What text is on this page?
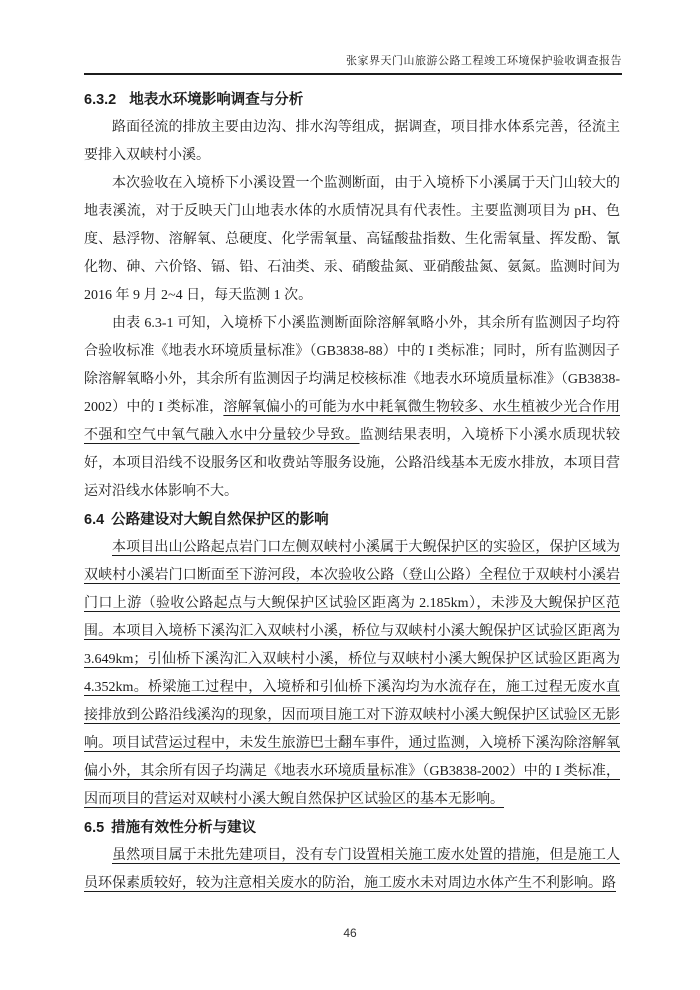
张家界天门山旅游公路工程竣工环境保护验收调查报告

6.3.2 地表水环境影响调查与分析

路面径流的排放主要由边沟、排水沟等组成，据调查，项目排水体系完善，径流主要排入双峡村小溪。

本次验收在入境桥下小溪设置一个监测断面，由于入境桥下小溪属于天门山较大的地表溪流，对于反映天门山地表水体的水质情况具有代表性。主要监测项目为 pH、色度、悬浮物、溶解氧、总硬度、化学需氧量、高锰酸盐指数、生化需氧量、挥发酚、氰化物、砷、六价铬、镉、铅、石油类、汞、硝酸盐氮、亚硝酸盐氮、氨氮。监测时间为 2016 年 9 月 2~4 日，每天监测 1 次。

由表 6.3-1 可知，入境桥下小溪监测断面除溶解氧略小外，其余所有监测因子均符合验收标准《地表水环境质量标准》（GB3838-88）中的 I 类标准；同时，所有监测因子除溶解氧略小外，其余所有监测因子均满足校核标准《地表水环境质量标准》（GB3838-2002）中的 I 类标准，溶解氧偏小的可能为水中耗氧微生物较多、水生植被少光合作用不强和空气中氧气融入水中分量较少导致。监测结果表明，入境桥下小溪水质现状较好，本项目沿线不设服务区和收费站等服务设施，公路沿线基本无废水排放，本项目营运对沿线水体影响不大。

6.4 公路建设对大鲵自然保护区的影响

本项目出山公路起点岩门口左侧双峡村小溪属于大鲵保护区的实验区，保护区域为双峡村小溪岩门口断面至下游河段，本次验收公路（登山公路）全程位于双峡村小溪岩门口上游（验收公路起点与大鲵保护区试验区距离为 2.185km），未涉及大鲵保护区范围。本项目入境桥下溪沟汇入双峡村小溪，桥位与双峡村小溪大鲵保护区试验区距离为 3.649km；引仙桥下溪沟汇入双峡村小溪，桥位与双峡村小溪大鲵保护区试验区距离为 4.352km。桥梁施工过程中，入境桥和引仙桥下溪沟均为水流存在，施工过程无废水直接排放到公路沿线溪沟的现象，因而项目施工对下游双峡村小溪大鲵保护区试验区无影响。项目试营运过程中，未发生旅游巴士翻车事件，通过监测，入境桥下溪沟除溶解氧偏小外，其余所有因子均满足《地表水环境质量标准》（GB3838-2002）中的 I 类标准，因而项目的营运对双峡村小溪大鲵自然保护区试验区的基本无影响。

6.5 措施有效性分析与建议

虽然项目属于未批先建项目，没有专门设置相关施工废水处置的措施，但是施工人员环保素质较好，较为注意相关废水的防治，施工废水未对周边水体产生不利影响。路

46
